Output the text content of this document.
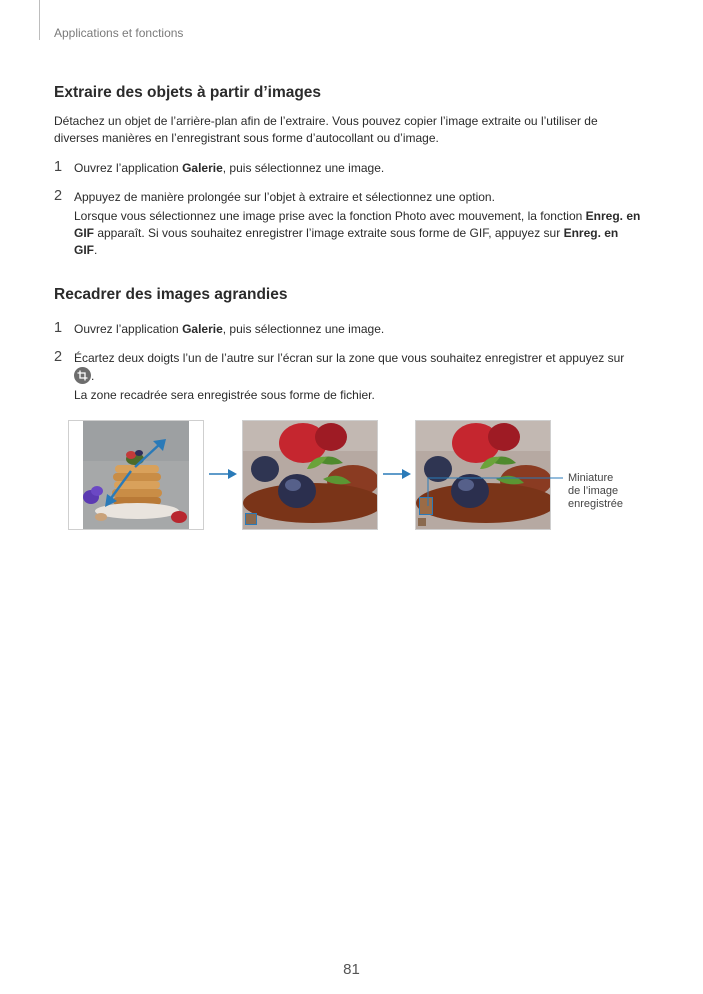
Applications et fonctions
Extraire des objets à partir d’images

Détachez un objet de l’arrière-plan afin de l’extraire. Vous pouvez copier l’image extraite ou l’utiliser de
diverses manières en l’enregistrant sous forme d’autocollant ou d’image.

1 Ouvrez l’application Galerie, puis sélectionnez une image.
2 Appuyez de manière prolongée sur l’objet à extraire et sélectionnez une option.
Lorsque vous sélectionnez une image prise avec la fonction Photo avec mouvement, la fonction Enreg. en GIF apparaît. Si vous souhaitez enregistrer l’image extraite sous forme de GIF, appuyez sur Enreg. en GIF.
Recadrer des images agrandies
1 Ouvrez l’application Galerie, puis sélectionnez une image.
2 Écartez deux doigts l’un de l’autre sur l’écran sur la zone que vous souhaitez enregistrer et appuyez sur
.
La zone recadrée sera enregistrée sous forme de fichier.
Miniature
de l’image
enregistrée
81
